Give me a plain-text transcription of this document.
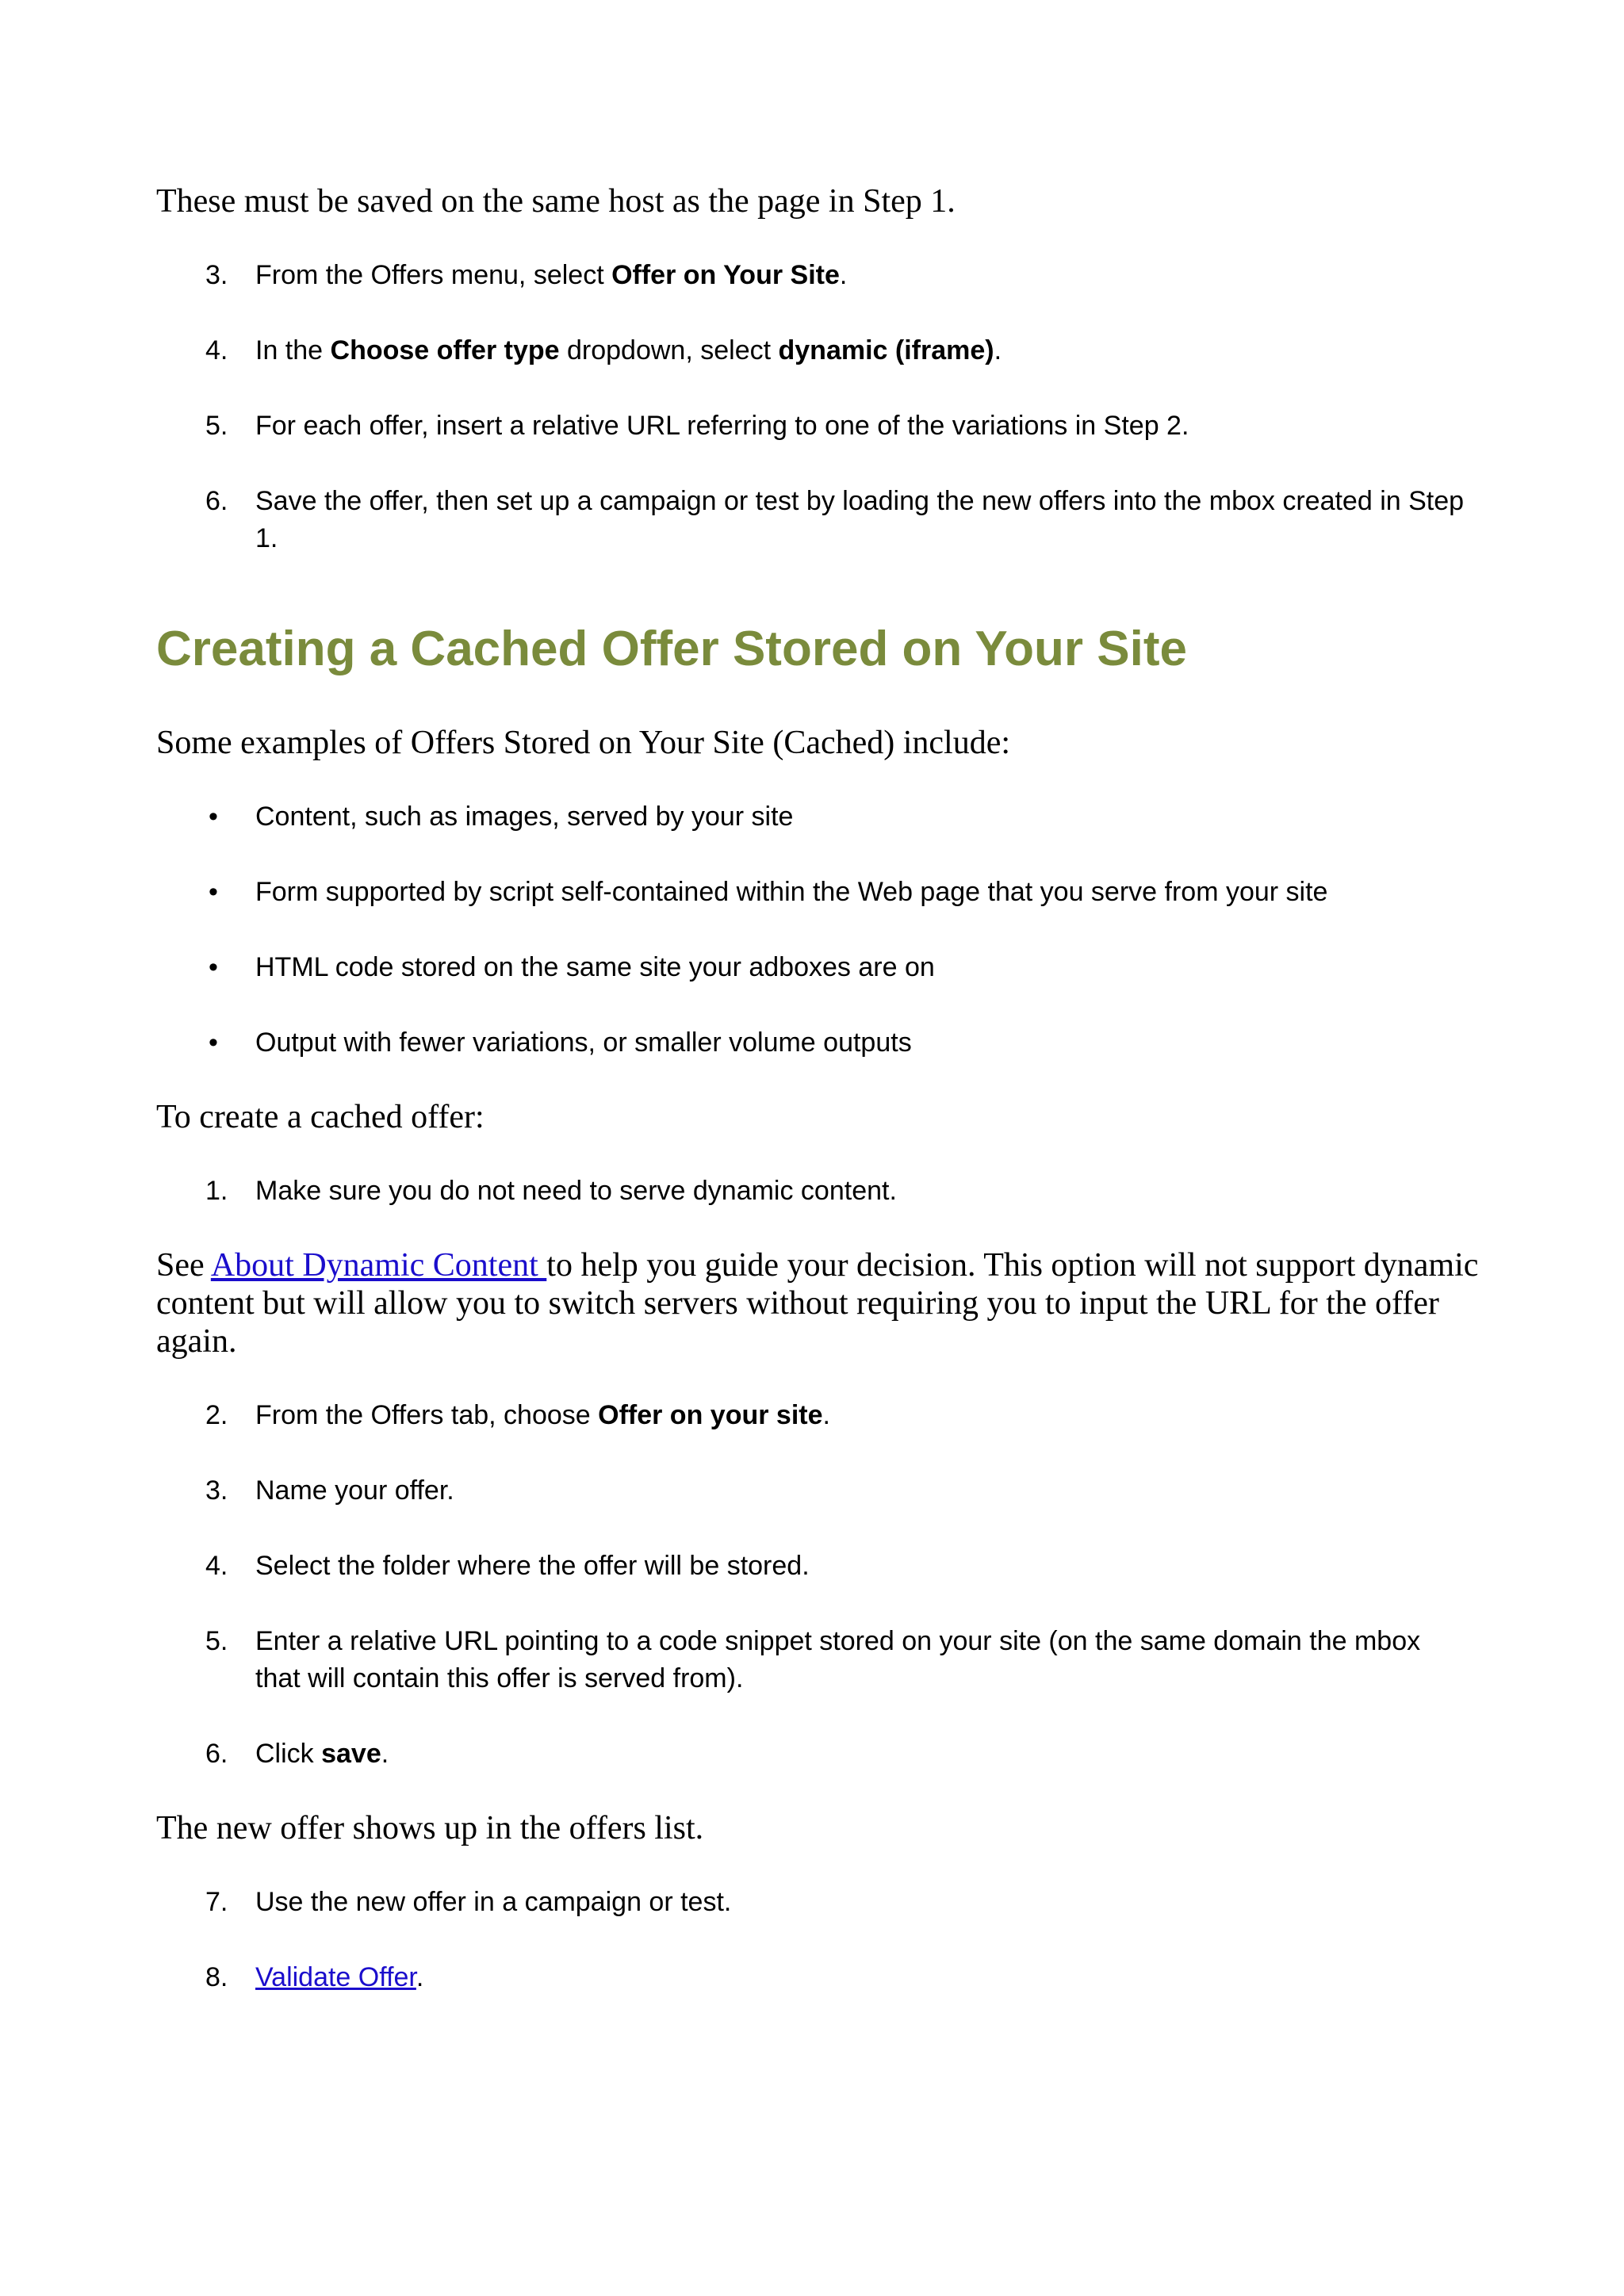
These must be saved on the same host as the page in Step 1.

3. From the Offers menu, select Offer on Your Site.
4. In the Choose offer type dropdown, select dynamic (iframe).
5. For each offer, insert a relative URL referring to one of the variations in Step 2.
6. Save the offer, then set up a campaign or test by loading the new offers into the mbox created in Step 1.
Creating a Cached Offer Stored on Your Site

Some examples of Offers Stored on Your Site (Cached) include:

• Content, such as images, served by your site
• Form supported by script self-contained within the Web page that you serve from your site
• HTML code stored on the same site your adboxes are on
• Output with fewer variations, or smaller volume outputs

To create a cached offer:

1. Make sure you do not need to serve dynamic content.

See About Dynamic Content to help you guide your decision. This option will not support dynamic content but will allow you to switch servers without requiring you to input the URL for the offer again.

2. From the Offers tab, choose Offer on your site.
3. Name your offer.
4. Select the folder where the offer will be stored.
5. Enter a relative URL pointing to a code snippet stored on your site (on the same domain the mbox that will contain this offer is served from).
6. Click save.

The new offer shows up in the offers list.

7. Use the new offer in a campaign or test.
8. Validate Offer.
